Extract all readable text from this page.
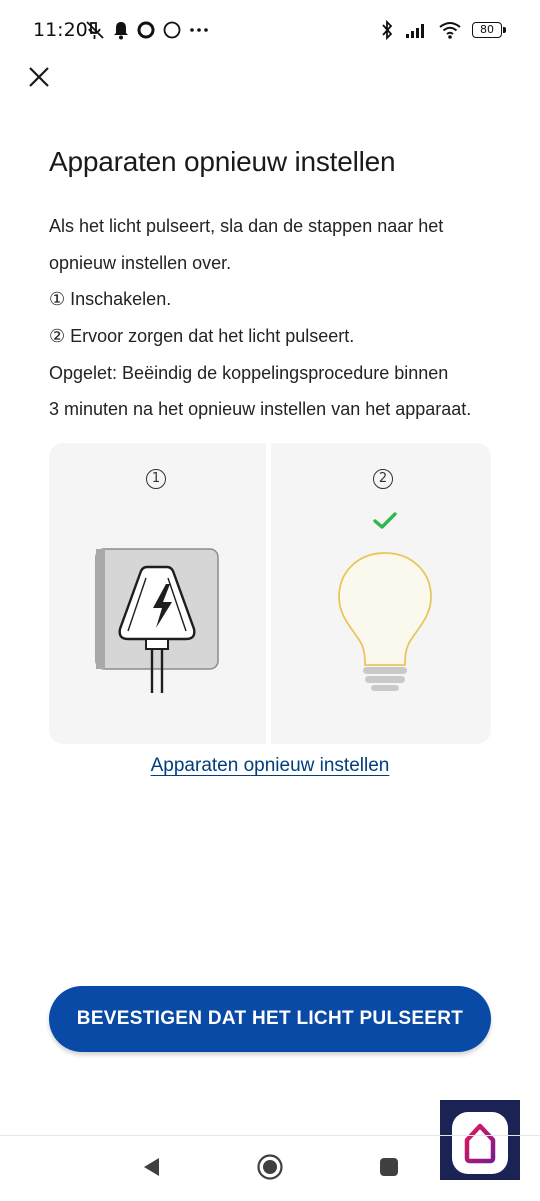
11:20	80
Apparaten opnieuw instellen
Als het licht pulseert, sla dan de stappen naar het
opnieuw instellen over.
① Inschakelen.
② Ervoor zorgen dat het licht pulseert.
Opgelet: Beëindig de koppelingsprocedure binnen
3 minuten na het opnieuw instellen van het apparaat.
1	2
Apparaten opnieuw instellen
BEVESTIGEN DAT HET LICHT PULSEERT
